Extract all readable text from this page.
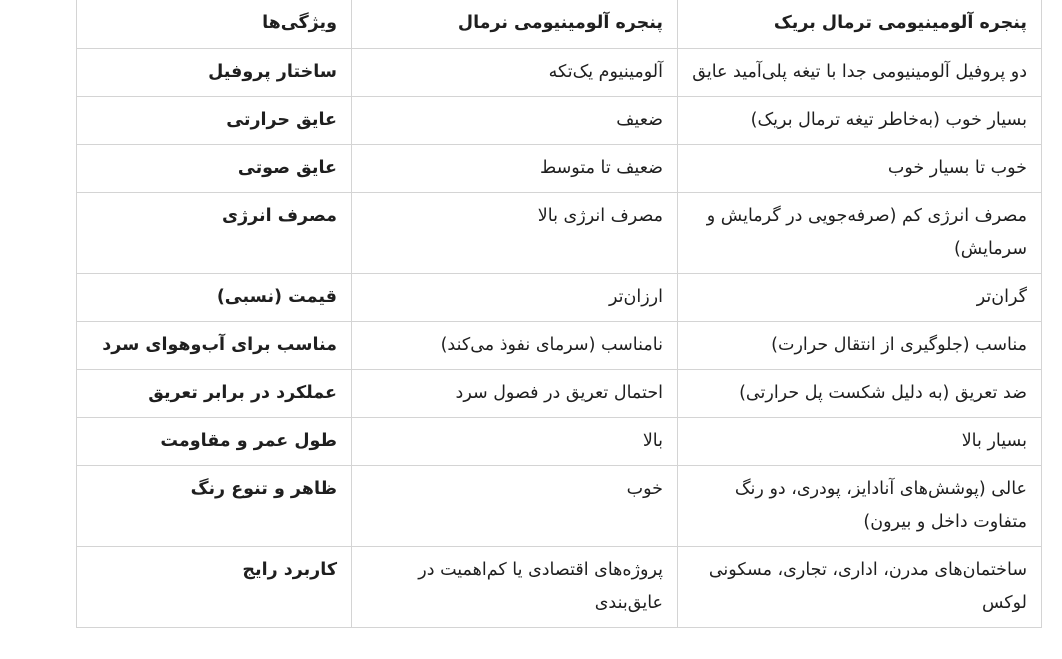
پنجره آلومینیومی ترمال بریک	پنجره آلومینیومی نرمال	ویژگی‌ها
دو پروفیل آلومینیومی جدا با تیغه پلی‌آمید عایق	آلومینیوم یک‌تکه	ساختار پروفیل
بسیار خوب (به‌خاطر تیغه ترمال بریک)	ضعیف	عایق حرارتی
خوب تا بسیار خوب	ضعیف تا متوسط	عایق صوتی
مصرف انرژی کم (صرفه‌جویی در گرمایش و سرمایش)	مصرف انرژی بالا	مصرف انرژی
گران‌تر	ارزان‌تر	قیمت (نسبی)
مناسب (جلوگیری از انتقال حرارت)	نامناسب (سرمای نفوذ می‌کند)	مناسب برای آب‌وهوای سرد
ضد تعریق (به دلیل شکست پل حرارتی)	احتمال تعریق در فصول سرد	عملکرد در برابر تعریق
بسیار بالا	بالا	طول عمر و مقاومت
عالی (پوشش‌های آنادایز، پودری، دو رنگ متفاوت داخل و بیرون)	خوب	ظاهر و تنوع رنگ
ساختمان‌های مدرن، اداری، تجاری، مسکونی لوکس	پروژه‌های اقتصادی یا کم‌اهمیت در عایق‌بندی	کاربرد رایج
